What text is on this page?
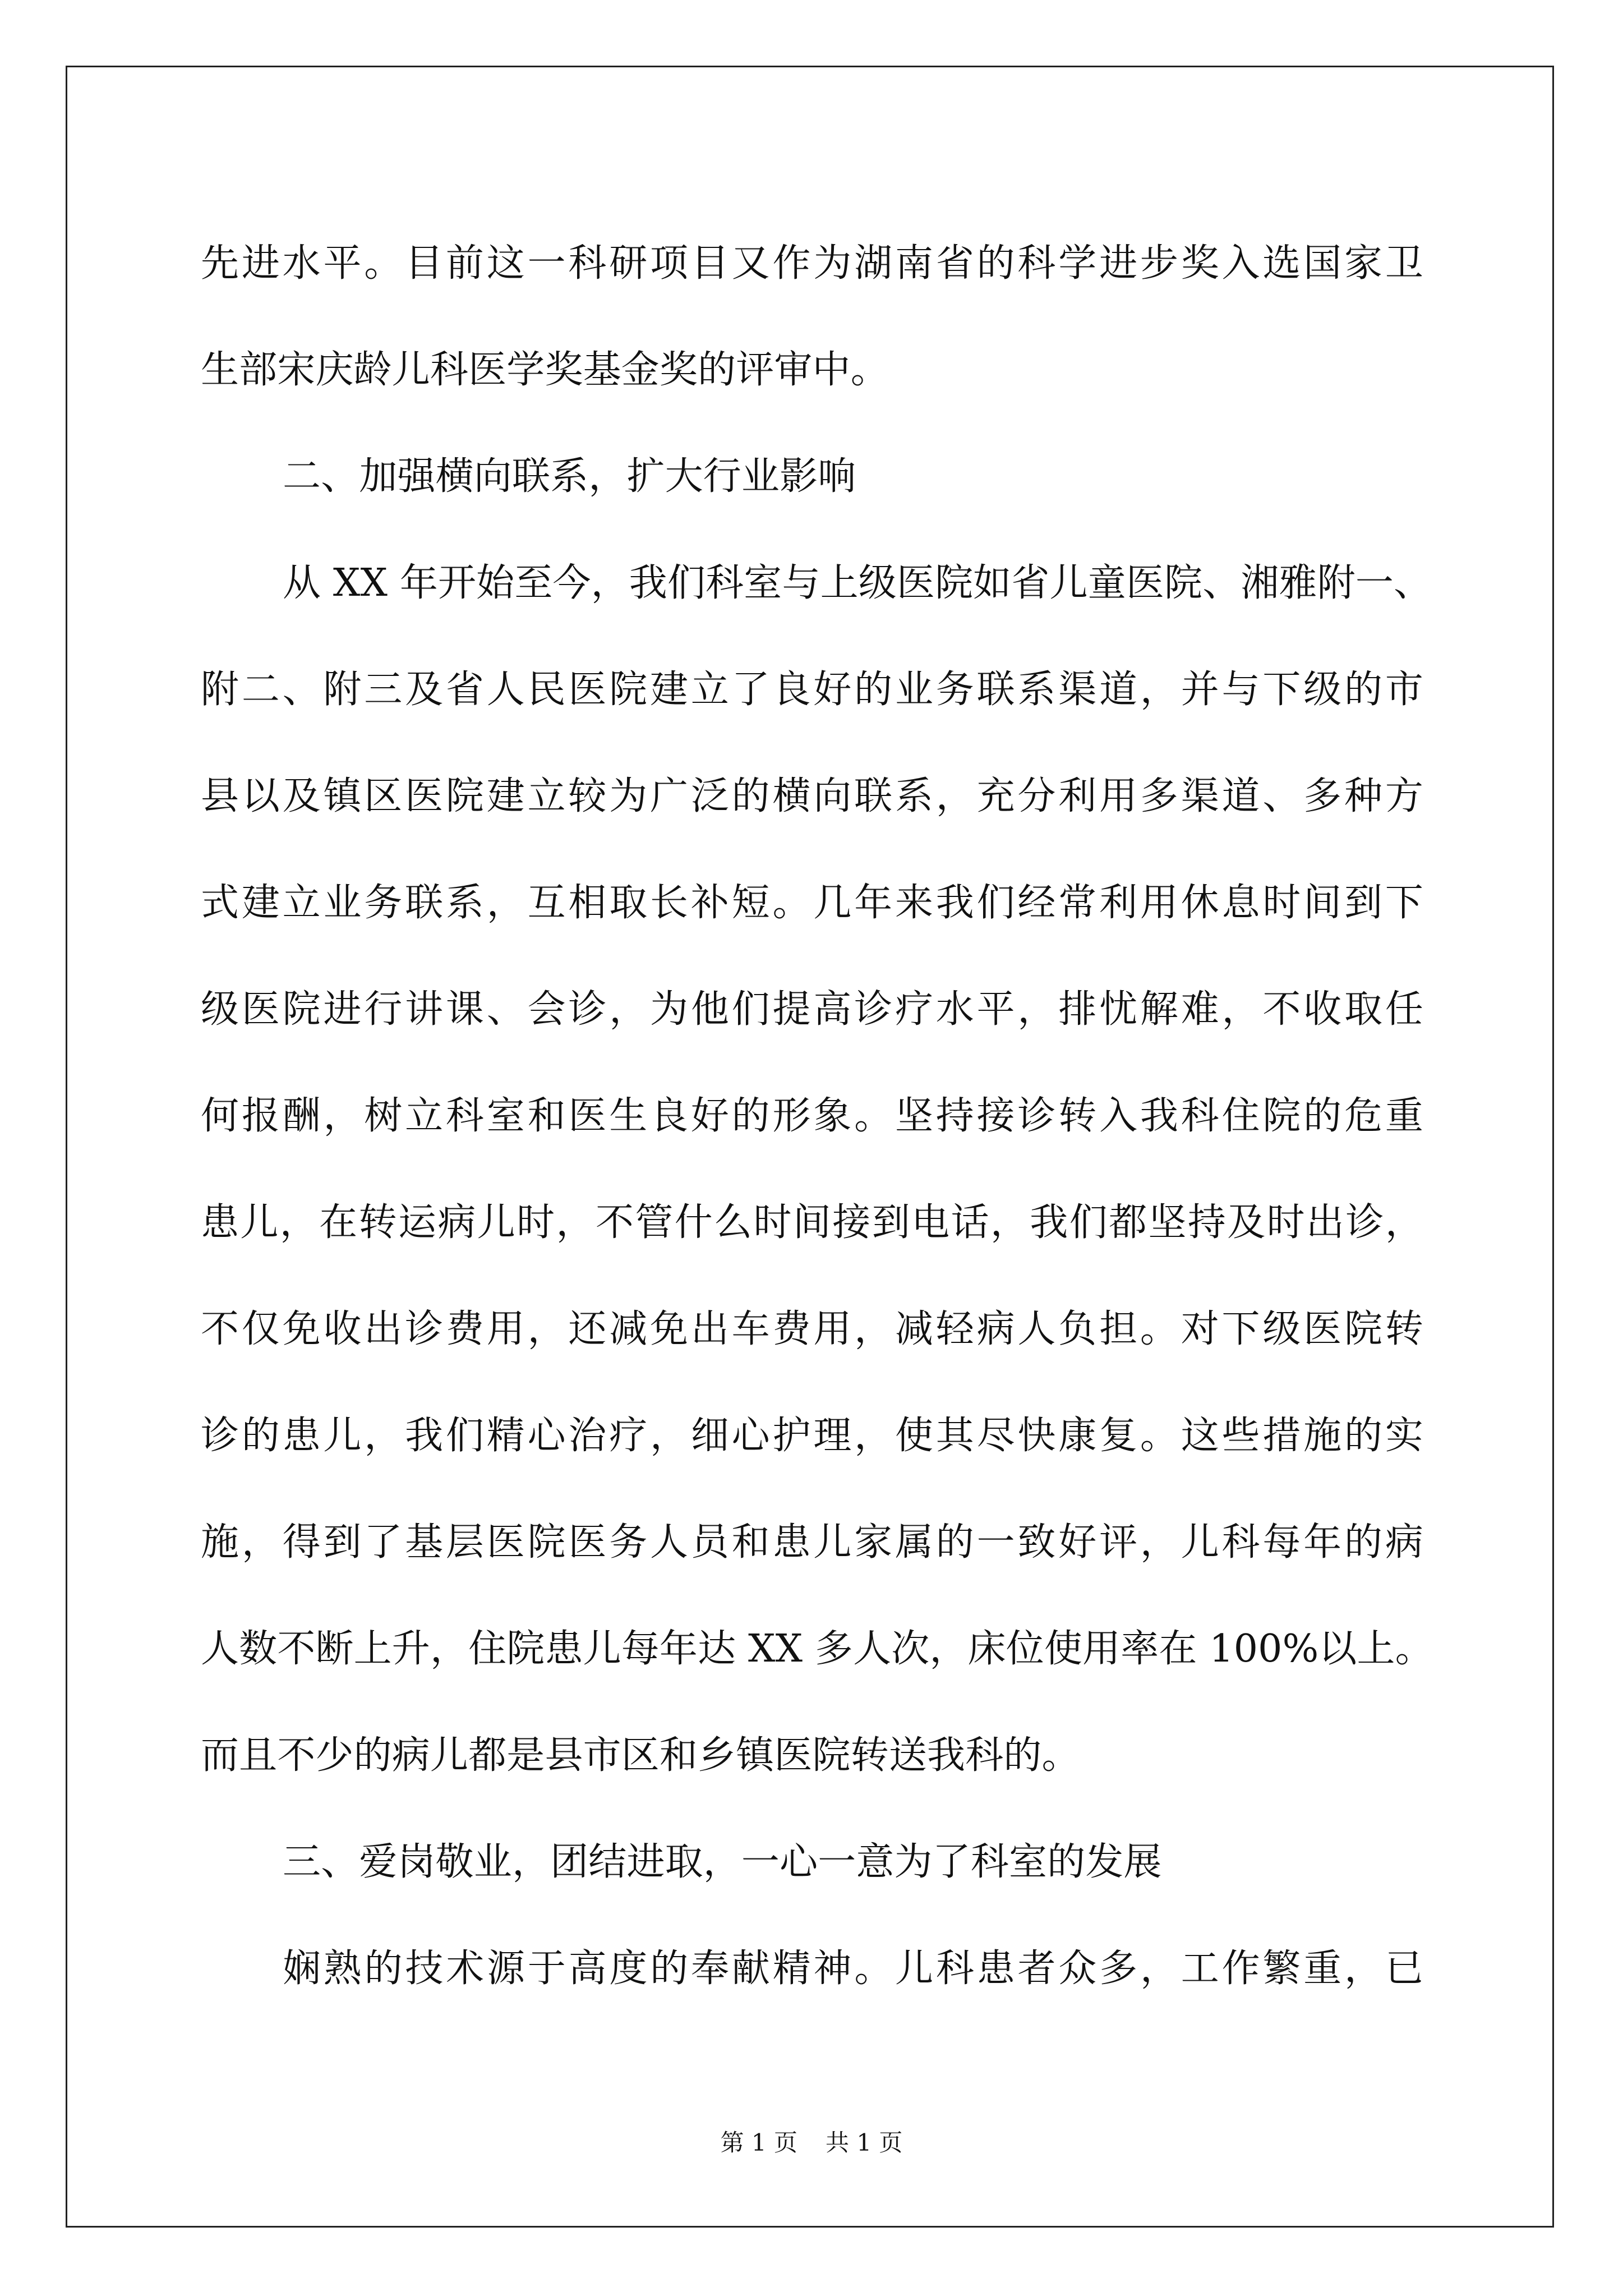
先进水平。目前这一科研项目又作为湖南省的科学进步奖入选国家卫
生部宋庆龄儿科医学奖基金奖的评审中。
二、加强横向联系，扩大行业影响
从 XX 年开始至今，我们科室与上级医院如省儿童医院、湘雅附一、
附二、附三及省人民医院建立了良好的业务联系渠道，并与下级的市
县以及镇区医院建立较为广泛的横向联系，充分利用多渠道、多种方
式建立业务联系，互相取长补短。几年来我们经常利用休息时间到下
级医院进行讲课、会诊，为他们提高诊疗水平，排忧解难，不收取任
何报酬，树立科室和医生良好的形象。坚持接诊转入我科住院的危重
患儿，在转运病儿时，不管什么时间接到电话，我们都坚持及时出诊，
不仅免收出诊费用，还减免出车费用，减轻病人负担。对下级医院转
诊的患儿，我们精心治疗，细心护理，使其尽快康复。这些措施的实
施，得到了基层医院医务人员和患儿家属的一致好评，儿科每年的病
人数不断上升，住院患儿每年达 XX 多人次，床位使用率在 100%以上。
而且不少的病儿都是县市区和乡镇医院转送我科的。
三、爱岗敬业，团结进取，一心一意为了科室的发展
娴熟的技术源于高度的奉献精神。儿科患者众多，工作繁重，已
第 1 页 共 1 页
